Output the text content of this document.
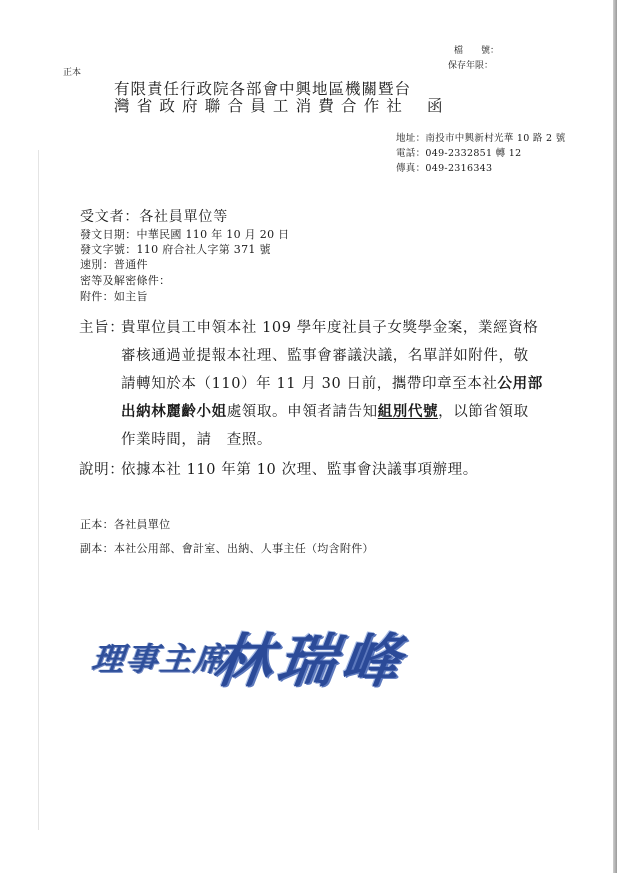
檔　　號：
保存年限：
正本
有限責任行政院各部會中興地區機關暨台
灣省政府聯合員工消費合作社 函
地址：南投市中興新村光華 10 路 2 號
電話：049-2332851 轉 12
傳真：049-2316343
受文者：各社員單位等
發文日期：中華民國 110 年 10 月 20 日
發文字號：110 府合社人字第 371 號
速別：普通件
密等及解密條件：
附件：如主旨
主旨：
貴單位員工申領本社 109 學年度社員子女獎學金案，業經資格
審核通過並提報本社理、監事會審議決議，名單詳如附件，敬
請轉知於本（110）年 11 月 30 日前，攜帶印章至本社公用部
出納林麗齡小姐處領取。申領者請告知組別代號，以節省領取
作業時間，請　查照。
說明：
依據本社 110 年第 10 次理、監事會決議事項辦理。
正本：各社員單位
副本：本社公用部、會計室、出納、人事主任（均含附件）
理事主席
林瑞峰
